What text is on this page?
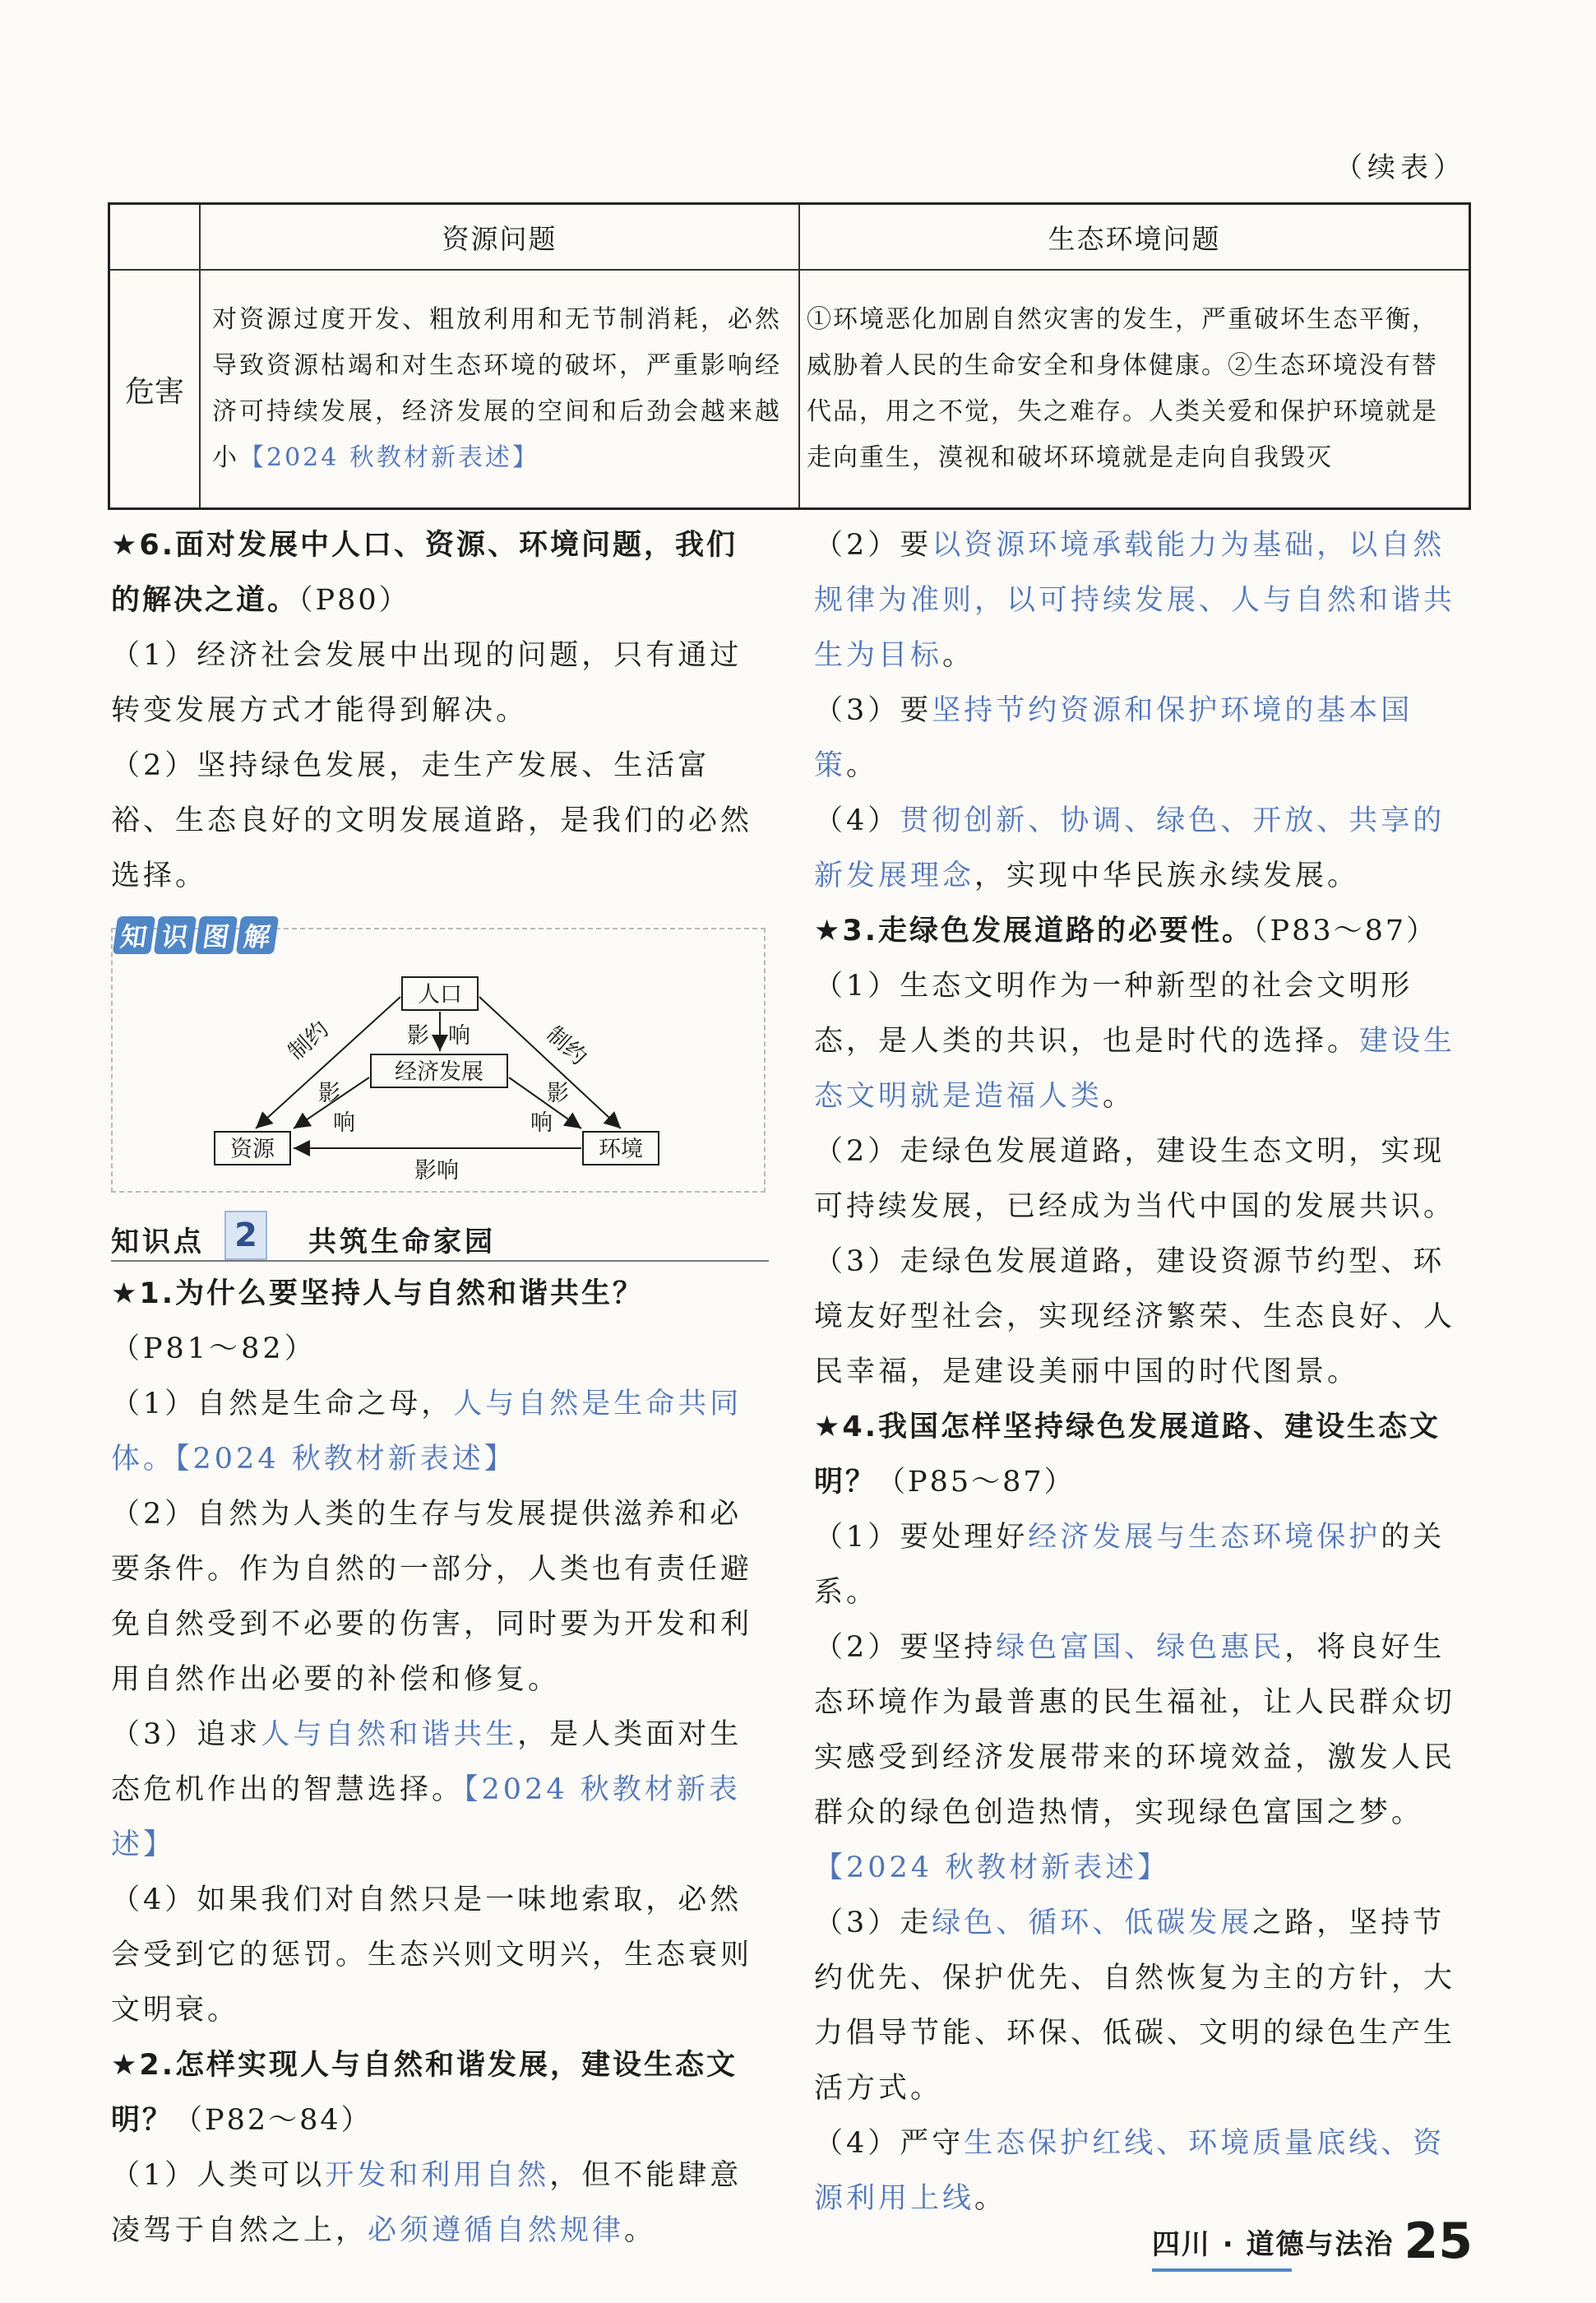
（续表）
	资源问题	生态环境问题
危害	对资源过度开发、粗放利用和无节制消耗，必然导致资源枯竭和对生态环境的破坏，严重影响经济可持续发展，经济发展的空间和后劲会越来越小【2024 秋教材新表述】	①环境恶化加剧自然灾害的发生，严重破坏生态平衡，威胁着人民的生命安全和身体健康。②生态环境没有替代品，用之不觉，失之难存。人类关爱和保护环境就是走向重生，漠视和破坏环境就是走向自我毁灭

★6.面对发展中人口、资源、环境问题，我们的解决之道。（P80）

（1）经济社会发展中出现的问题，只有通过转变发展方式才能得到解决。

（2）坚持绿色发展，走生产发展、生活富裕、生态良好的文明发展道路，是我们的必然选择。

知 识 图 解
人口
经济发展
资源	环境
制约	制约
影 响
影
响
影
响
影响
知识点 2	共筑生命家园

★1.为什么要坚持人与自然和谐共生？

（P81～82）

（1）自然是生命之母，人与自然是生命共同体。【2024 秋教材新表述】

（2）自然为人类的生存与发展提供滋养和必要条件。作为自然的一部分，人类也有责任避免自然受到不必要的伤害，同时要为开发和利用自然作出必要的补偿和修复。

（3）追求人与自然和谐共生，是人类面对生态危机作出的智慧选择。【2024 秋教材新表述】

（4）如果我们对自然只是一味地索取，必然会受到它的惩罚。生态兴则文明兴，生态衰则文明衰。

★2.怎样实现人与自然和谐发展，建设生态文明？（P82～84）

（1）人类可以开发和利用自然，但不能肆意凌驾于自然之上，必须遵循自然规律。

（2）要以资源环境承载能力为基础，以自然规律为准则，以可持续发展、人与自然和谐共生为目标。

（3）要坚持节约资源和保护环境的基本国策。

（4）贯彻创新、协调、绿色、开放、共享的新发展理念，实现中华民族永续发展。

★3.走绿色发展道路的必要性。（P83～87）

（1）生态文明作为一种新型的社会文明形态，是人类的共识，也是时代的选择。建设生态文明就是造福人类。

（2）走绿色发展道路，建设生态文明，实现可持续发展，已经成为当代中国的发展共识。

（3）走绿色发展道路，建设资源节约型、环境友好型社会，实现经济繁荣、生态良好、人民幸福，是建设美丽中国的时代图景。

★4.我国怎样坚持绿色发展道路、建设生态文明？（P85～87）

（1）要处理好经济发展与生态环境保护的关系。

（2）要坚持绿色富国、绿色惠民，将良好生态环境作为最普惠的民生福祉，让人民群众切实感受到经济发展带来的环境效益，激发人民群众的绿色创造热情，实现绿色富国之梦。【2024 秋教材新表述】

（3）走绿色、循环、低碳发展之路，坚持节约优先、保护优先、自然恢复为主的方针，大力倡导节能、环保、低碳、文明的绿色生产生活方式。

（4）严守生态保护红线、环境质量底线、资源利用上线。

四川 · 道德与法治 25
